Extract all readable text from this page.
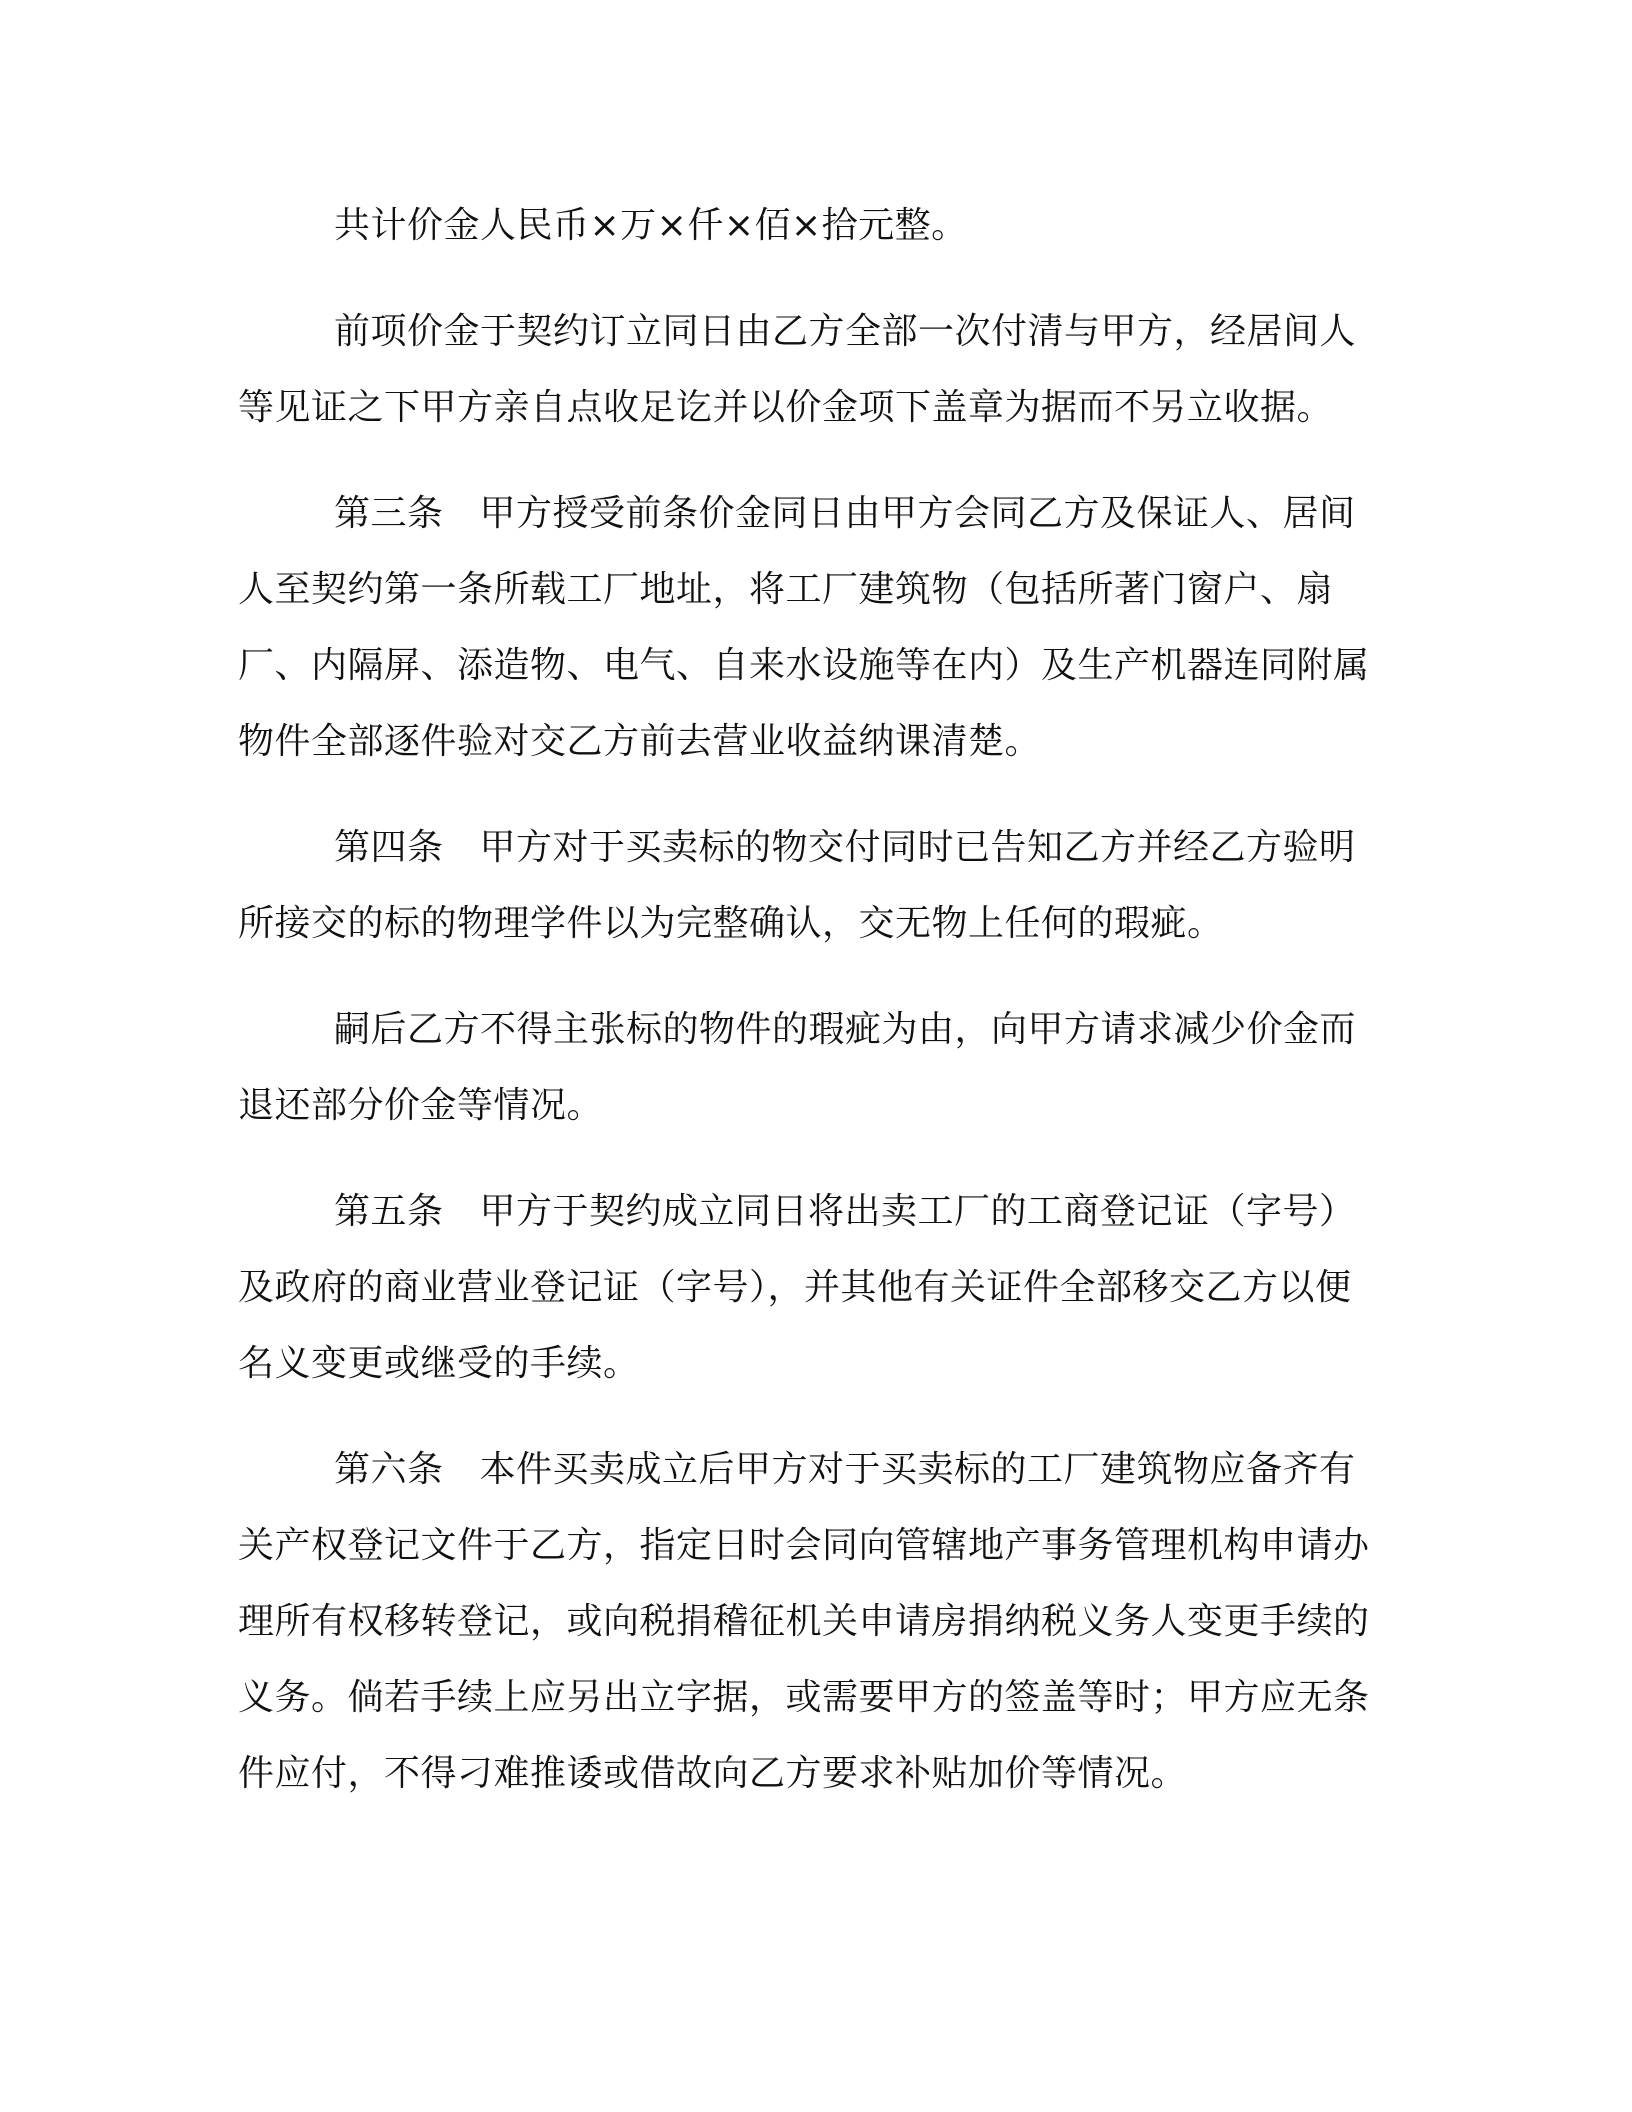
共计价金人民币×万×仟×佰×拾元整。

前项价金于契约订立同日由乙方全部一次付清与甲方，经居间人等见证之下甲方亲自点收足讫并以价金项下盖章为据而不另立收据。

第三条 甲方授受前条价金同日由甲方会同乙方及保证人、居间人至契约第一条所载工厂地址，将工厂建筑物（包括所著门窗户、扇厂、内隔屏、添造物、电气、自来水设施等在内）及生产机器连同附属物件全部逐件验对交乙方前去营业收益纳课清楚。

第四条 甲方对于买卖标的物交付同时已告知乙方并经乙方验明所接交的标的物理学件以为完整确认，交无物上任何的瑕疵。

嗣后乙方不得主张标的物件的瑕疵为由，向甲方请求减少价金而退还部分价金等情况。

第五条 甲方于契约成立同日将出卖工厂的工商登记证（字号）及政府的商业营业登记证（字号），并其他有关证件全部移交乙方以便名义变更或继受的手续。

第六条 本件买卖成立后甲方对于买卖标的工厂建筑物应备齐有关产权登记文件于乙方，指定日时会同向管辖地产事务管理机构申请办理所有权移转登记，或向税捐稽征机关申请房捐纳税义务人变更手续的义务。倘若手续上应另出立字据，或需要甲方的签盖等时；甲方应无条件应付，不得刁难推诿或借故向乙方要求补贴加价等情况。
